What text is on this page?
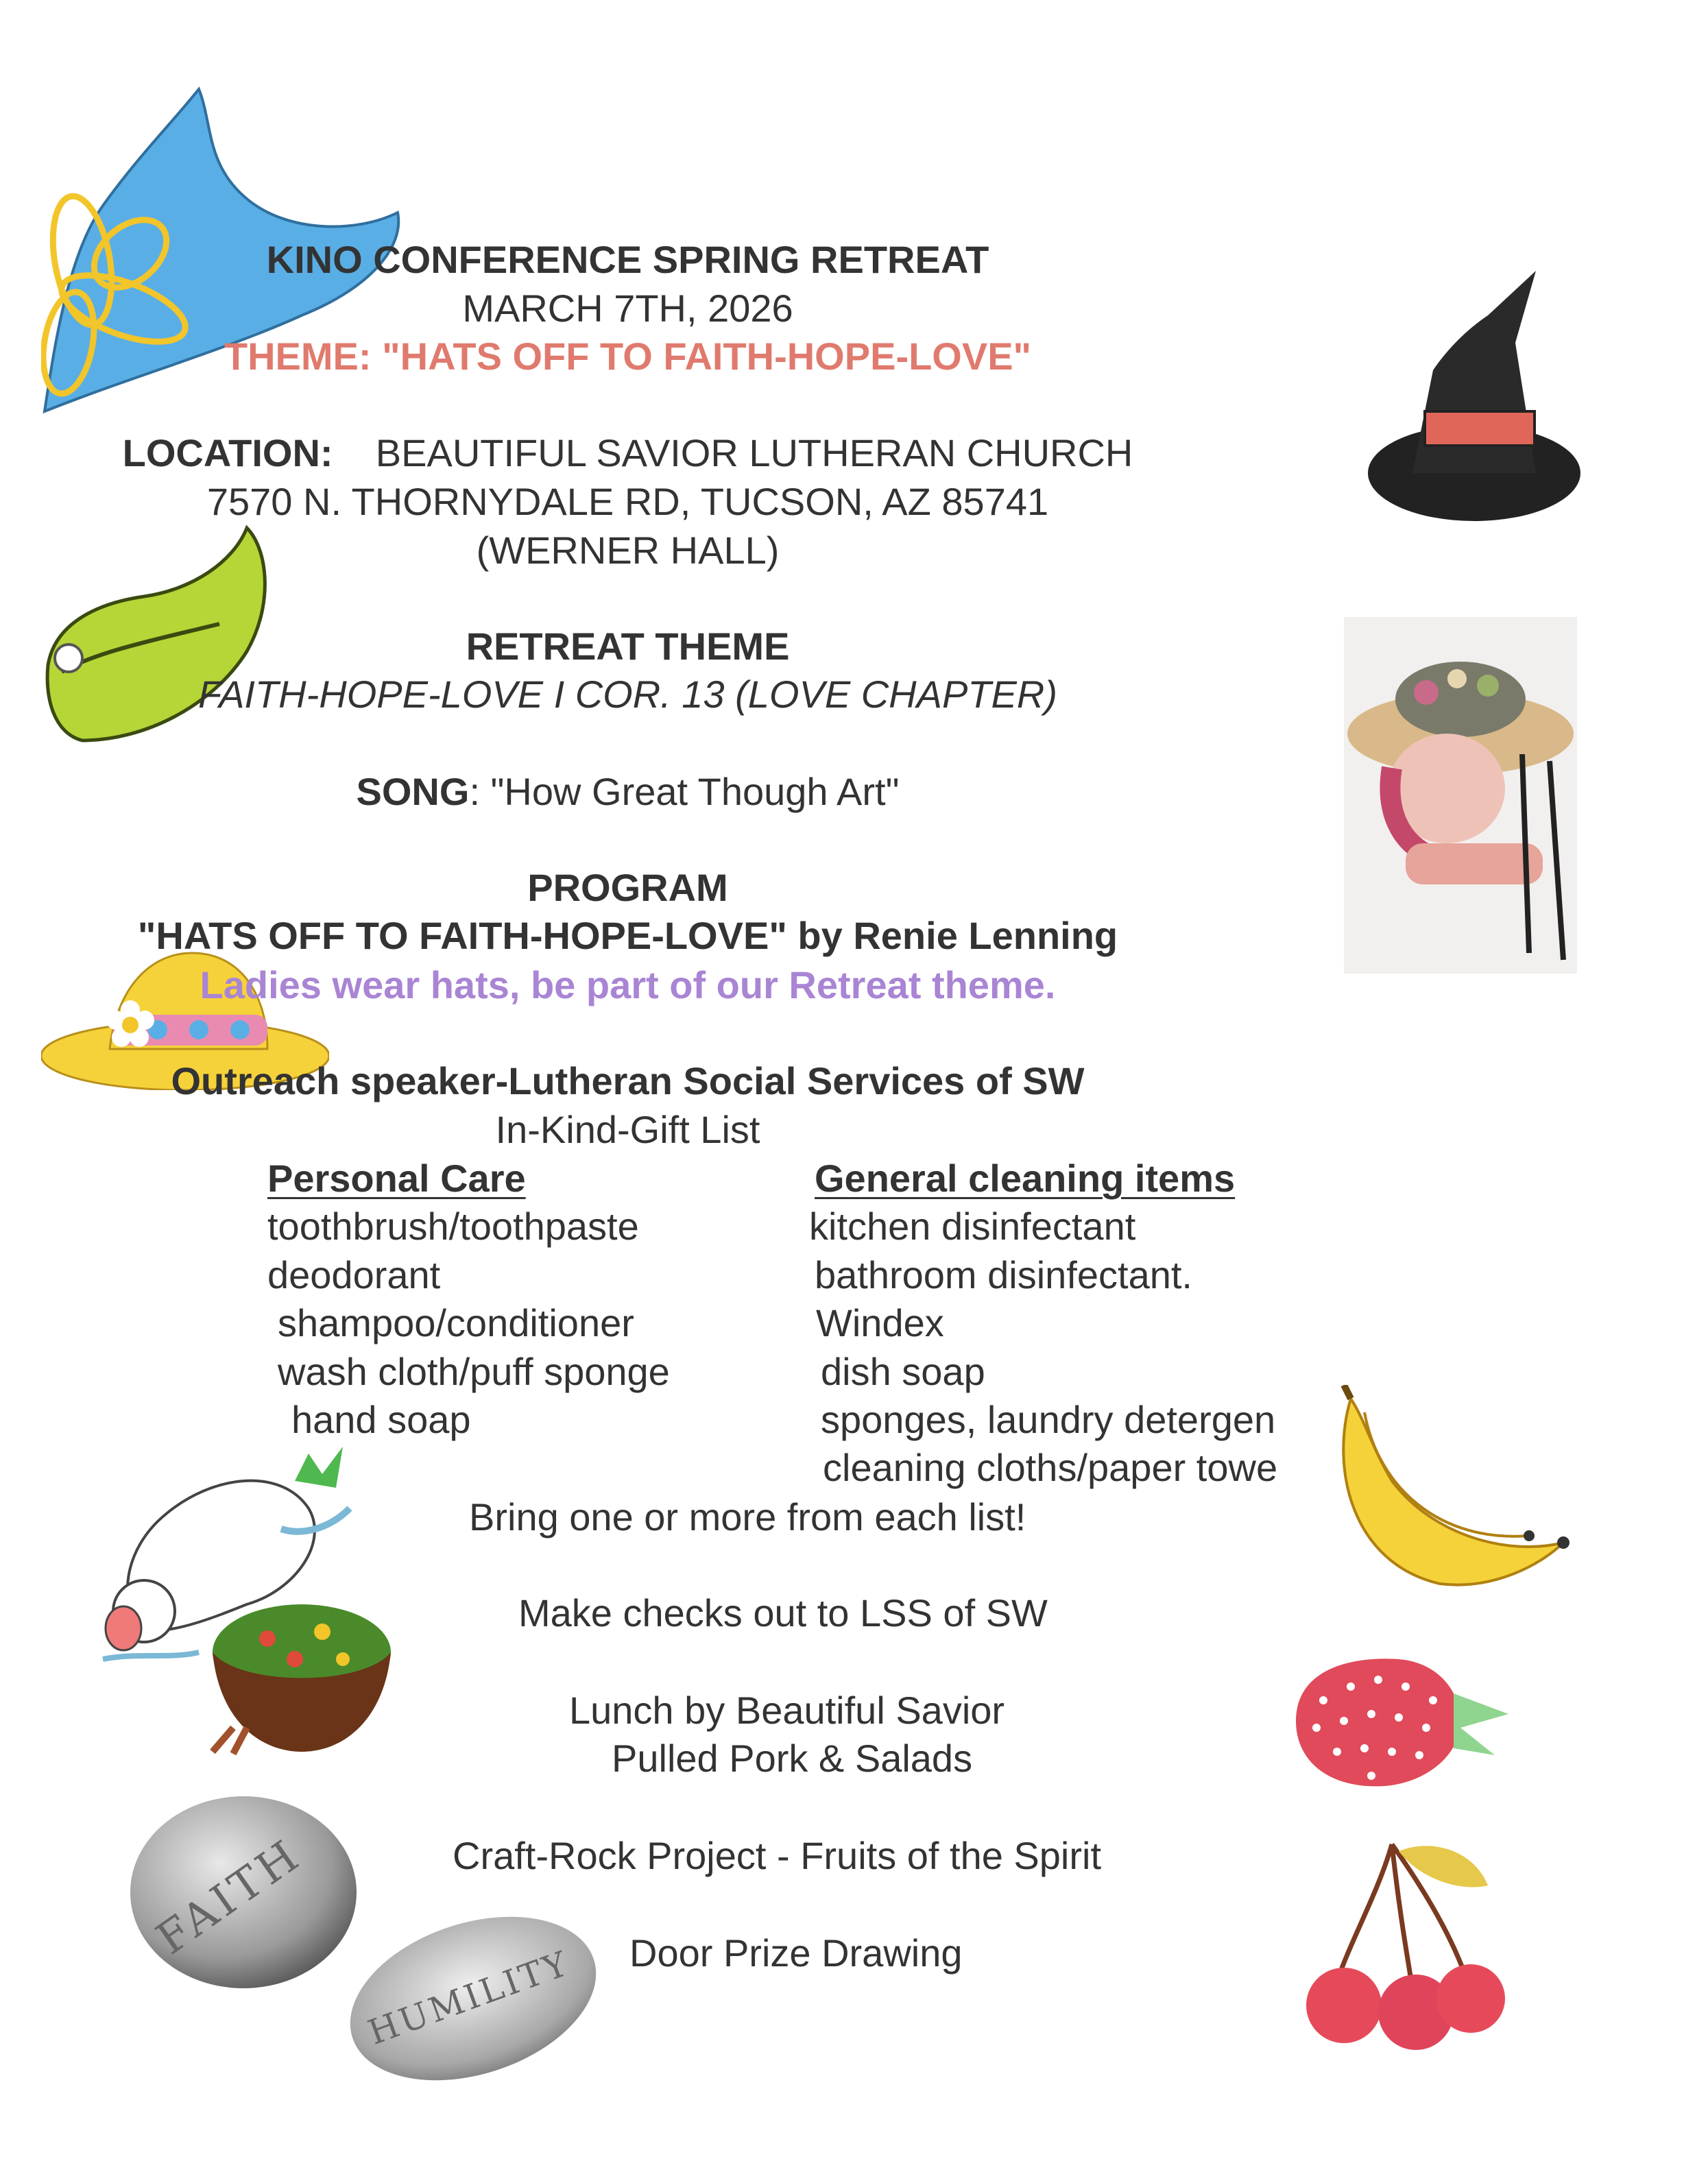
FAITH
HUMILITY
KINO CONFERENCE SPRING RETREAT
MARCH 7TH, 2026
THEME: "HATS OFF TO FAITH-HOPE-LOVE"
LOCATION: BEAUTIFUL SAVIOR LUTHERAN CHURCH
7570 N. THORNYDALE RD, TUCSON, AZ 85741
(WERNER HALL)
RETREAT THEME
FAITH-HOPE-LOVE I COR. 13 (LOVE CHAPTER)
SONG: "How Great Though Art"
PROGRAM
"HATS OFF TO FAITH-HOPE-LOVE" by Renie Lenning
Ladies wear hats, be part of our Retreat theme.
Outreach speaker-Lutheran Social Services of SW
In-Kind-Gift List
Personal Care
toothbrush/toothpaste
deodorant
shampoo/conditioner
wash cloth/puff sponge
hand soap
General cleaning items
kitchen disinfectant
bathroom disinfectant.
Windex
dish soap
sponges, laundry detergen
cleaning cloths/paper towe
Bring one or more from each list!
Make checks out to LSS of SW
Lunch by Beautiful Savior
Pulled Pork & Salads
Craft-Rock Project - Fruits of the Spirit
Door Prize Drawing
